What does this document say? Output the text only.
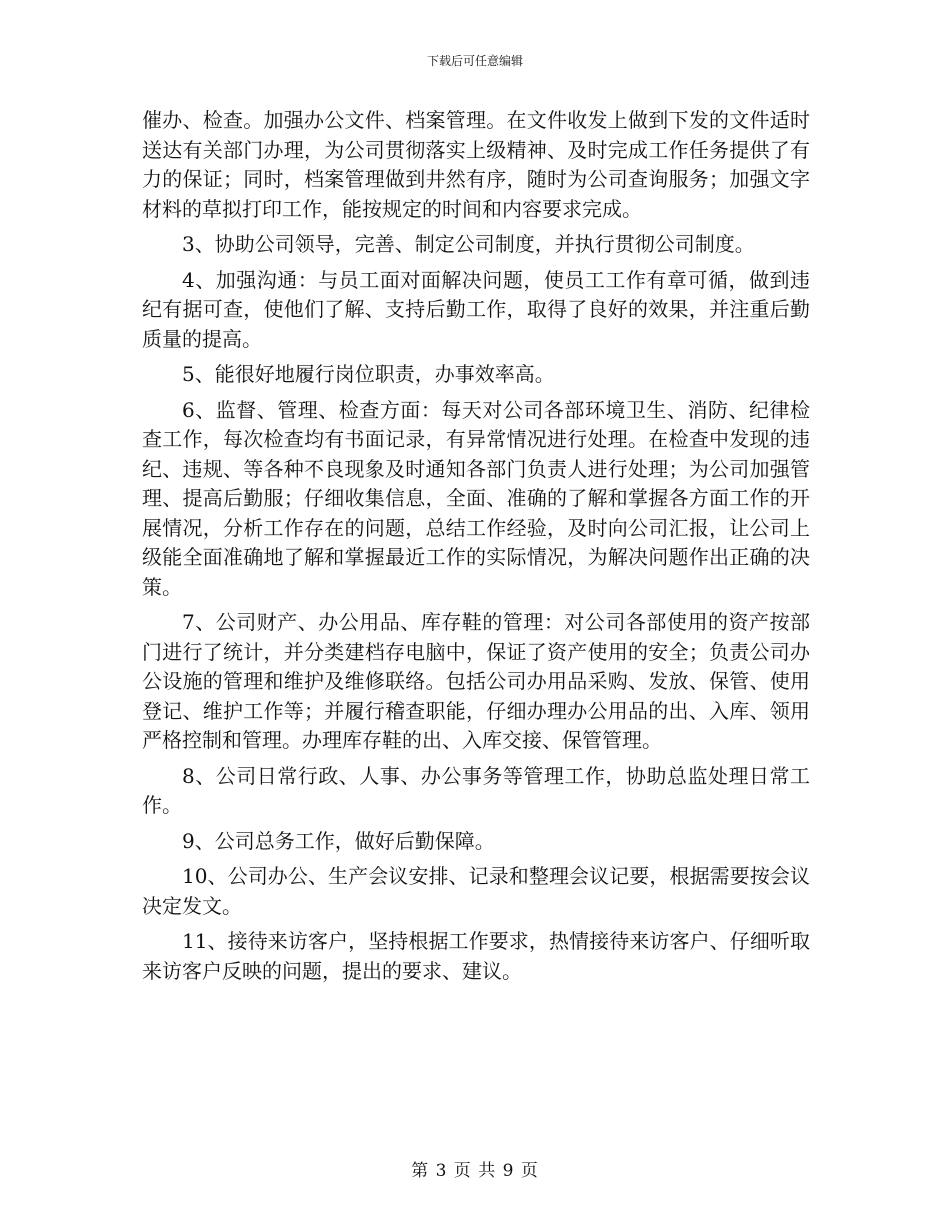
下载后可任意编辑

催办、检查。加强办公文件、档案管理。在文件收发上做到下发的文件适时送达有关部门办理，为公司贯彻落实上级精神、及时完成工作任务提供了有力的保证；同时，档案管理做到井然有序，随时为公司查询服务；加强文字材料的草拟打印工作，能按规定的时间和内容要求完成。

3、协助公司领导，完善、制定公司制度，并执行贯彻公司制度。

4、加强沟通：与员工面对面解决问题，使员工工作有章可循，做到违纪有据可查，使他们了解、支持后勤工作，取得了良好的效果，并注重后勤质量的提高。

5、能很好地履行岗位职责，办事效率高。

6、监督、管理、检查方面：每天对公司各部环境卫生、消防、纪律检查工作，每次检查均有书面记录，有异常情况进行处理。在检查中发现的违纪、违规、等各种不良现象及时通知各部门负责人进行处理；为公司加强管理、提高后勤服；仔细收集信息，全面、准确的了解和掌握各方面工作的开展情况，分析工作存在的问题，总结工作经验，及时向公司汇报，让公司上级能全面准确地了解和掌握最近工作的实际情况，为解决问题作出正确的决策。

7、公司财产、办公用品、库存鞋的管理：对公司各部使用的资产按部门进行了统计，并分类建档存电脑中，保证了资产使用的安全；负责公司办公设施的管理和维护及维修联络。包括公司办用品采购、发放、保管、使用登记、维护工作等；并履行稽查职能，仔细办理办公用品的出、入库、领用严格控制和管理。办理库存鞋的出、入库交接、保管管理。

8、公司日常行政、人事、办公事务等管理工作，协助总监处理日常工作。

9、公司总务工作，做好后勤保障。

10、公司办公、生产会议安排、记录和整理会议记要，根据需要按会议决定发文。

11、接待来访客户，坚持根据工作要求，热情接待来访客户、仔细听取来访客户反映的问题，提出的要求、建议。

第 3 页 共 9 页
